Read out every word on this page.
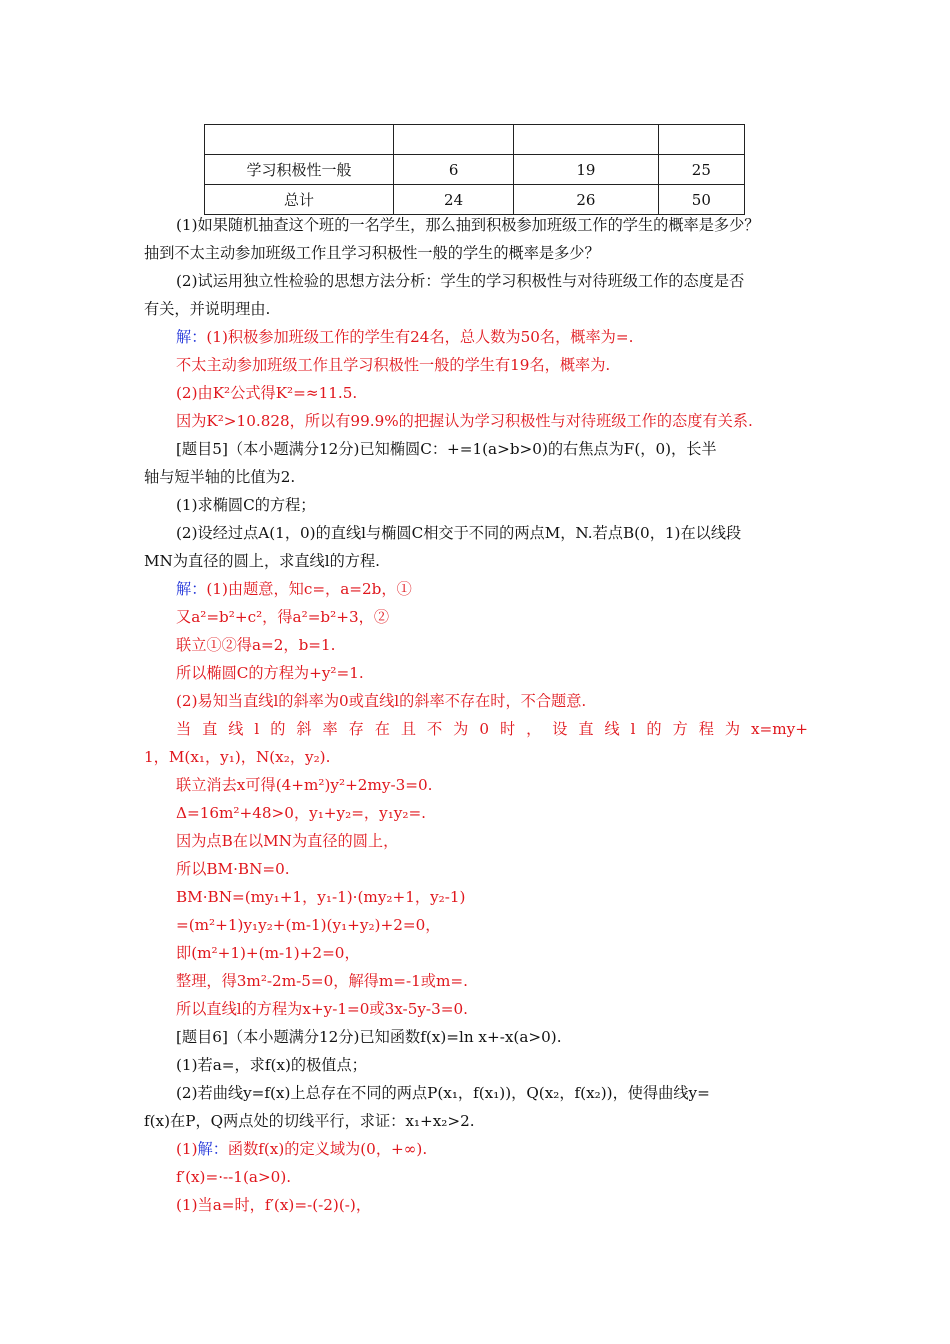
学习积极性一般	6	19	25
总计	24	26	50
(1)如果随机抽查这个班的一名学生，那么抽到积极参加班级工作的学生的概率是多少？
抽到不太主动参加班级工作且学习积极性一般的学生的概率是多少？
(2)试运用独立性检验的思想方法分析：学生的学习积极性与对待班级工作的态度是否
有关，并说明理由.
解：(1)积极参加班级工作的学生有24名，总人数为50名，概率为=.
不太主动参加班级工作且学习积极性一般的学生有19名，概率为.
(2)由K²公式得K²=≈11.5.
因为K²>10.828，所以有99.9%的把握认为学习积极性与对待班级工作的态度有关系.
[题目5]（本小题满分12分)已知椭圆C：+=1(a>b>0)的右焦点为F(，0)，长半
轴与短半轴的比值为2.
(1)求椭圆C的方程；
(2)设经过点A(1，0)的直线l与椭圆C相交于不同的两点M，N.若点B(0，1)在以线段
MN为直径的圆上，求直线l的方程.
解：(1)由题意，知c=，a=2b，①
又a²=b²+c²，得a²=b²+3，②
联立①②得a=2，b=1.
所以椭圆C的方程为+y²=1.
(2)易知当直线l的斜率为0或直线l的斜率不存在时，不合题意.
当直线l的斜率存在且不为0时，设直线l的方程为x=my+
1，M(x₁，y₁)，N(x₂，y₂).
联立消去x可得(4+m²)y²+2my-3=0.
Δ=16m²+48>0，y₁+y₂=，y₁y₂=.
因为点B在以MN为直径的圆上，
所以BM·BN=0.
BM·BN=(my₁+1，y₁-1)·(my₂+1，y₂-1)
=(m²+1)y₁y₂+(m-1)(y₁+y₂)+2=0，
即(m²+1)+(m-1)+2=0，
整理，得3m²-2m-5=0，解得m=-1或m=.
所以直线l的方程为x+y-1=0或3x-5y-3=0.
[题目6]（本小题满分12分)已知函数f(x)=ln x+-x(a>0).
(1)若a=，求f(x)的极值点；
(2)若曲线y=f(x)上总存在不同的两点P(x₁，f(x₁))，Q(x₂，f(x₂))，使得曲线y=
f(x)在P，Q两点处的切线平行，求证：x₁+x₂>2.
(1)解：函数f(x)的定义域为(0，+∞).
f′(x)=·--1(a>0).
(1)当a=时，f′(x)=-(-2)(-)，
